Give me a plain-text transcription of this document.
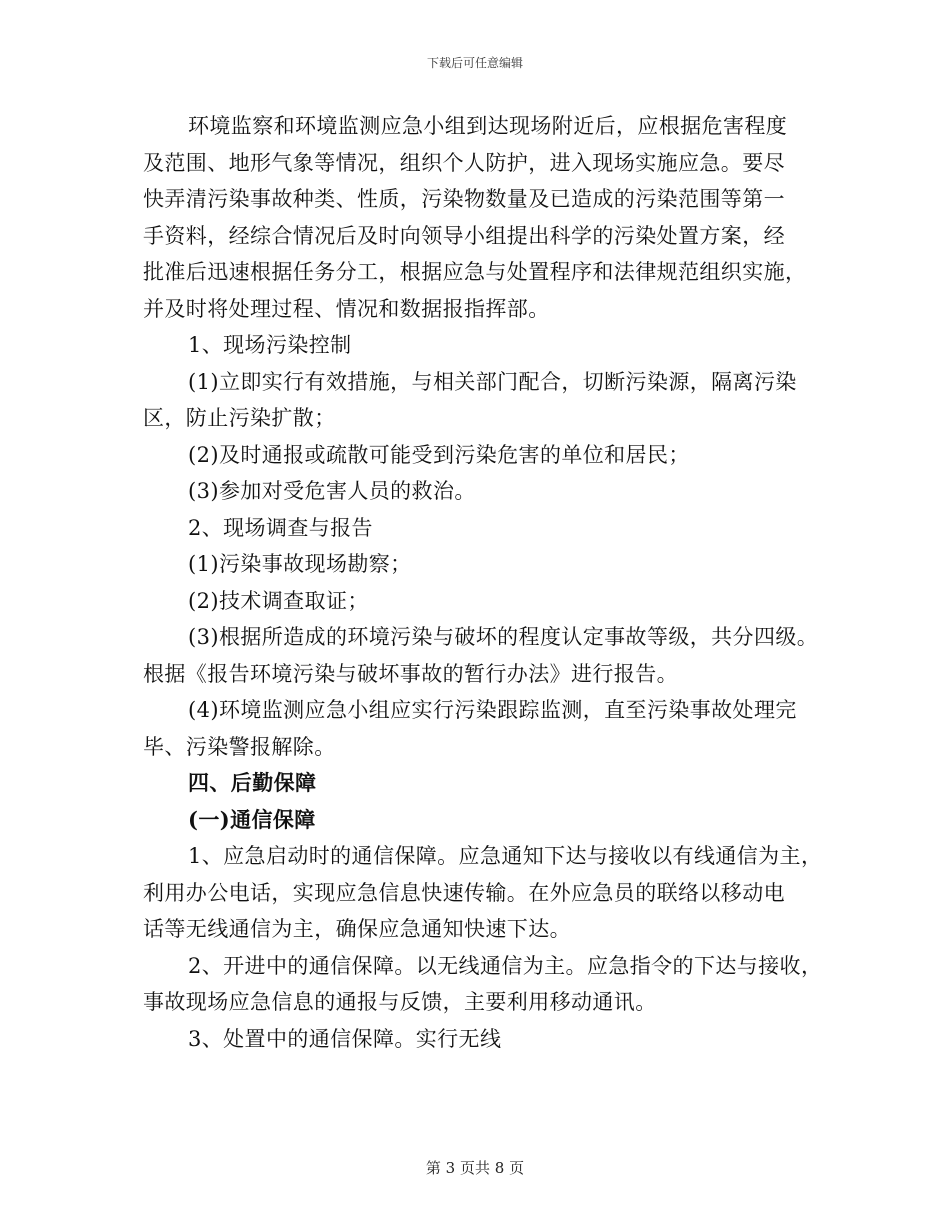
下载后可任意编辑
环境监察和环境监测应急小组到达现场附近后，应根据危害程度
及范围、地形气象等情况，组织个人防护，进入现场实施应急。要尽
快弄清污染事故种类、性质，污染物数量及已造成的污染范围等第一
手资料，经综合情况后及时向领导小组提出科学的污染处置方案，经
批准后迅速根据任务分工，根据应急与处置程序和法律规范组织实施，
并及时将处理过程、情况和数据报指挥部。
1、现场污染控制
(1)立即实行有效措施，与相关部门配合，切断污染源，隔离污染
区，防止污染扩散；
(2)及时通报或疏散可能受到污染危害的单位和居民；
(3)参加对受危害人员的救治。
2、现场调查与报告
(1)污染事故现场勘察；
(2)技术调查取证；
(3)根据所造成的环境污染与破坏的程度认定事故等级，共分四级。
根据《报告环境污染与破坏事故的暂行办法》进行报告。
(4)环境监测应急小组应实行污染跟踪监测，直至污染事故处理完
毕、污染警报解除。
四、后勤保障
(一)通信保障
1、应急启动时的通信保障。应急通知下达与接收以有线通信为主，
利用办公电话，实现应急信息快速传输。在外应急员的联络以移动电
话等无线通信为主，确保应急通知快速下达。
2、开进中的通信保障。以无线通信为主。应急指令的下达与接收，
事故现场应急信息的通报与反馈，主要利用移动通讯。
3、处置中的通信保障。实行无线
第 3 页共 8 页
